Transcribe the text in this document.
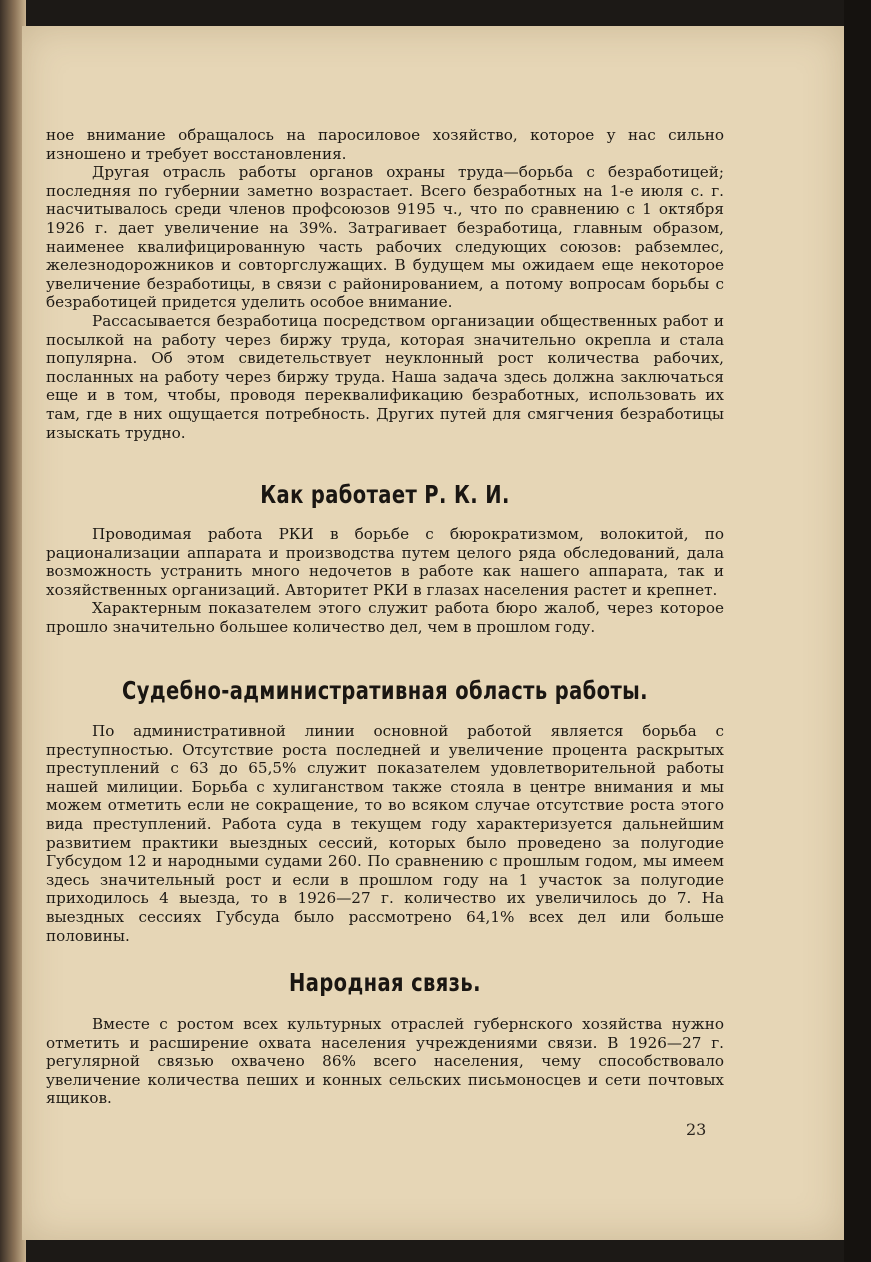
ное внимание обращалось на паросиловое хозяйство, которое у нас сильно изношено и требует восстановления.

Другая отрасль работы органов охраны труда—борьба с безработицей; последняя по губернии заметно возрастает. Всего безработных на 1-е июля с. г. насчитывалось среди членов профсоюзов 9195 ч., что по сравнению с 1 октября 1926 г. дает увеличение на 39%. Затрагивает безработица, главным образом, наименее квалифицированную часть рабочих следующих союзов: рабземлес, железнодорожников и совторгслужащих. В будущем мы ожидаем еще некоторое увеличение безработицы, в связи с районированием, а потому вопросам борьбы с безработицей придется уделить особое внимание.

Рассасывается безработица посредством организации общественных работ и посылкой на работу через биржу труда, которая значительно окрепла и стала популярна. Об этом свидетельствует неуклонный рост количества рабочих, посланных на работу через биржу труда. Наша задача здесь должна заключаться еще и в том, чтобы, проводя переквалификацию безработных, использовать их там, где в них ощущается потребность. Других путей для смягчения безработицы изыскать трудно.

Как работает Р. К. И.

Проводимая работа РКИ в борьбе с бюрократизмом, волокитой, по рационализации аппарата и производства путем целого ряда обследований, дала возможность устранить много недочетов в работе как нашего аппарата, так и хозяйственных организаций. Авторитет РКИ в глазах населения растет и крепнет.

Характерным показателем этого служит работа бюро жалоб, через которое прошло значительно большее количество дел, чем в прошлом году.

Судебно-административная область работы.

По административной линии основной работой является борьба с преступностью. Отсутствие роста последней и увеличение процента раскрытых преступлений с 63 до 65,5% служит показателем удовлетворительной работы нашей милиции. Борьба с хулиганством также стояла в центре внимания и мы можем отметить если не сокращение, то во всяком случае отсутствие роста этого вида преступлений. Работа суда в текущем году характеризуется дальнейшим развитием практики выездных сессий, которых было проведено за полугодие Губсудом 12 и народными судами 260. По сравнению с прошлым годом, мы имеем здесь значительный рост и если в прошлом году на 1 участок за полугодие приходилось 4 выезда, то в 1926—27 г. количество их увеличилось до 7. На выездных сессиях Губсуда было рассмотрено 64,1% всех дел или больше половины.

Народная связь.

Вместе с ростом всех культурных отраслей губернского хозяйства нужно отметить и расширение охвата населения учреждениями связи. В 1926—27 г. регулярной связью охвачено 86% всего населения, чему способствовало увеличение количества пеших и конных сельских письмоносцев и сети почтовых ящиков.

23
